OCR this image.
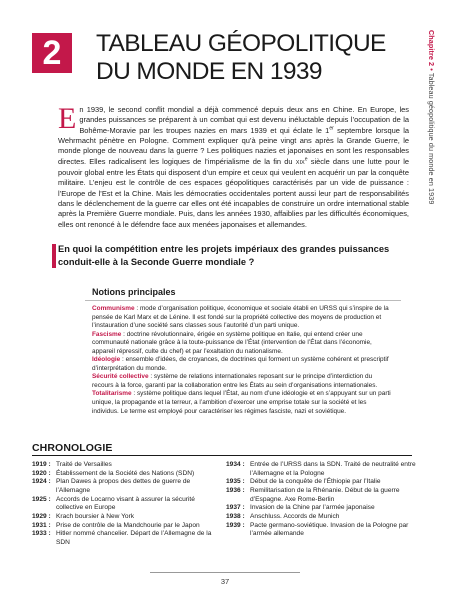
2	TABLEAU GÉOPOLITIQUE
DU MONDE EN 1939
Chapitre 2 • Tableau géopolitique du monde en 1939
En 1939, le second conflit mondial a déjà commencé depuis deux ans en Chine. En Europe, les grandes puissances se préparent à un combat qui est devenu inéluctable depuis l’occupation de la Bohême-Moravie par les troupes nazies en mars 1939 et qui éclate le 1er septembre lorsque la Wehrmacht pénètre en Pologne. Comment expliquer qu’à peine vingt ans après la Grande Guerre, le monde plonge de nouveau dans la guerre ? Les politiques nazies et japonaises en sont les responsables directes. Elles radicalisent les logiques de l’impérialisme de la fin du XIXe siècle dans une lutte pour le pouvoir global entre les États qui disposent d’un empire et ceux qui veulent en acquérir un par la conquête militaire. L’enjeu est le contrôle de ces espaces géopolitiques caractérisés par un vide de puissance : l’Europe de l’Est et la Chine. Mais les démocraties occidentales portent aussi leur part de responsabilités dans le déclenchement de la guerre car elles ont été incapables de construire un ordre international stable après la Première Guerre mondiale. Puis, dans les années 1930, affaiblies par les difficultés économiques, elles ont renoncé à le défendre face aux menées japonaises et allemandes.
En quoi la compétition entre les projets impériaux des grandes puissances conduit-elle à la Seconde Guerre mondiale ?
Notions principales

Communisme : mode d’organisation politique, économique et sociale établi en URSS qui s’inspire de la pensée de Karl Marx et de Lénine. Il est fondé sur la propriété collective des moyens de production et l’instauration d’une société sans classes sous l’autorité d’un parti unique.

Fascisme : doctrine révolutionnaire, érigée en système politique en Italie, qui entend créer une communauté nationale grâce à la toute-puissance de l’État (intervention de l’État dans l’économie, appareil répressif, culte du chef) et par l’exaltation du nationalisme.

Idéologie : ensemble d’idées, de croyances, de doctrines qui forment un système cohérent et prescriptif d’interprétation du monde.

Sécurité collective : système de relations internationales reposant sur le principe d’interdiction du recours à la force, garanti par la collaboration entre les États au sein d’organisations internationales.

Totalitarisme : système politique dans lequel l’État, au nom d’une idéologie et en s’appuyant sur un parti unique, la propagande et la terreur, a l’ambition d’exercer une emprise totale sur la société et les individus. Le terme est employé pour caractériser les régimes fasciste, nazi et soviétique.

CHRONOLOGIE
1919 : Traité de Versailles
1920 : Établissement de la Société des Nations (SDN)
1924 : Plan Dawes à propos des dettes de guerre de l’Allemagne
1925 : Accords de Locarno visant à assurer la sécurité collective en Europe
1929 : Krach boursier à New York
1931 : Prise de contrôle de la Mandchourie par le Japon
1933 : Hitler nommé chancelier. Départ de l’Allemagne de la SDN
1934 : Entrée de l’URSS dans la SDN. Traité de neutralité entre l’Allemagne et la Pologne
1935 : Début de la conquête de l’Éthiopie par l’Italie
1936 : Remilitarisation de la Rhénanie. Début de la guerre d’Espagne. Axe Rome-Berlin
1937 : Invasion de la Chine par l’armée japonaise
1938 : Anschluss. Accords de Munich
1939 : Pacte germano-soviétique. Invasion de la Pologne par l’armée allemande
37
